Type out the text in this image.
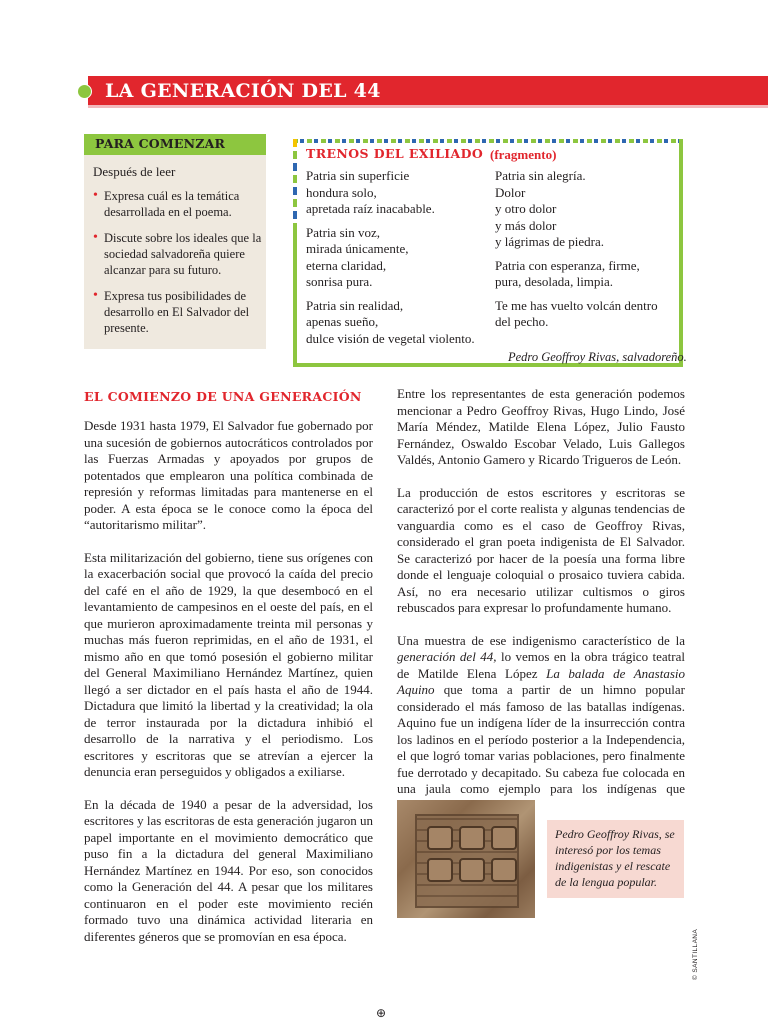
LA GENERACIÓN DEL 44
PARA COMENZAR
Después de leer
• Expresa cuál es la temática desarrollada en el poema.
• Discute sobre los ideales que la sociedad salvadoreña quiere alcanzar para su futuro.
• Expresa tus posibilidades de desarrollo en El Salvador del presente.
TRENOS DEL EXILIADO (fragmento)

Patria sin superficie
hondura solo,
apretada raíz inacabable.

Patria sin voz,
mirada únicamente,
eterna claridad,
sonrisa pura.

Patria sin realidad,
apenas sueño,
dulce visión de vegetal violento.

Patria sin alegría.
Dolor
y otro dolor
y más dolor
y lágrimas de piedra.

Patria con esperanza, firme,
pura, desolada, limpia.

Te me has vuelto volcán dentro
del pecho.

Pedro Geoffroy Rivas, salvadoreño.
EL COMIENZO DE UNA GENERACIÓN

Desde 1931 hasta 1979, El Salvador fue gobernado por una sucesión de gobiernos autocráticos controlados por las Fuerzas Armadas y apoyados por grupos de potentados que emplearon una política combinada de represión y reformas limitadas para mantenerse en el poder. A esta época se le conoce como la época del “autoritarismo militar”.

Esta militarización del gobierno, tiene sus orígenes con la exacerbación social que provocó la caída del precio del café en el año de 1929, la que desembocó en el levantamiento de campesinos en el oeste del país, en el que murieron aproximadamente treinta mil personas y muchas más fueron reprimidas, en el año de 1931, el mismo año en que tomó posesión el gobierno militar del General Maximiliano Hernández Martínez, quien llegó a ser dictador en el país hasta el año de 1944. Dictadura que limitó la libertad y la creatividad; la ola de terror instaurada por la dictadura inhibió el desarrollo de la narrativa y el periodismo. Los escritores y escritoras que se atrevían a ejercer la denuncia eran perseguidos y obligados a exiliarse.

En la década de 1940 a pesar de la adversidad, los escritores y las escritoras de esta generación jugaron un papel importante en el movimiento democrático que puso fin a la dictadura del general Maximiliano Hernández Martínez en 1944. Por eso, son conocidos como la Generación del 44. A pesar que los militares continuaron en el poder este movimiento recién formado tuvo una dinámica actividad literaria en diferentes géneros que se promovían en esa época.

Entre los representantes de esta generación podemos mencionar a Pedro Geoffroy Rivas, Hugo Lindo, José María Méndez, Matilde Elena López, Julio Fausto Fernández, Oswaldo Escobar Velado, Luis Gallegos Valdés, Antonio Gamero y Ricardo Trigueros de León.

La producción de estos escritores y escritoras se caracterizó por el corte realista y algunas tendencias de vanguardia como es el caso de Geoffroy Rivas, considerado el gran poeta indigenista de El Salvador. Se caracterizó por hacer de la poesía una forma libre donde el lenguaje coloquial o prosaico tuviera cabida. Así, no era necesario utilizar cultismos o giros rebuscados para expresar lo profundamente humano.

Una muestra de ese indigenismo característico de la generación del 44, lo vemos en la obra trágico teatral de Matilde Elena López La balada de Anastasio Aquino que toma a partir de un himno popular considerado el más famoso de las batallas indígenas. Aquino fue un indígena líder de la insurrección contra los ladinos en el período posterior a la Independencia, el que logró tomar varias poblaciones, pero finalmente fue derrotado y decapitado. Su cabeza fue colocada en una jaula como ejemplo para los indígenas que

Pedro Geoffroy Rivas, se interesó por los temas indigenistas y el rescate de la lengua popular.
© SANTILLANA
⊕
